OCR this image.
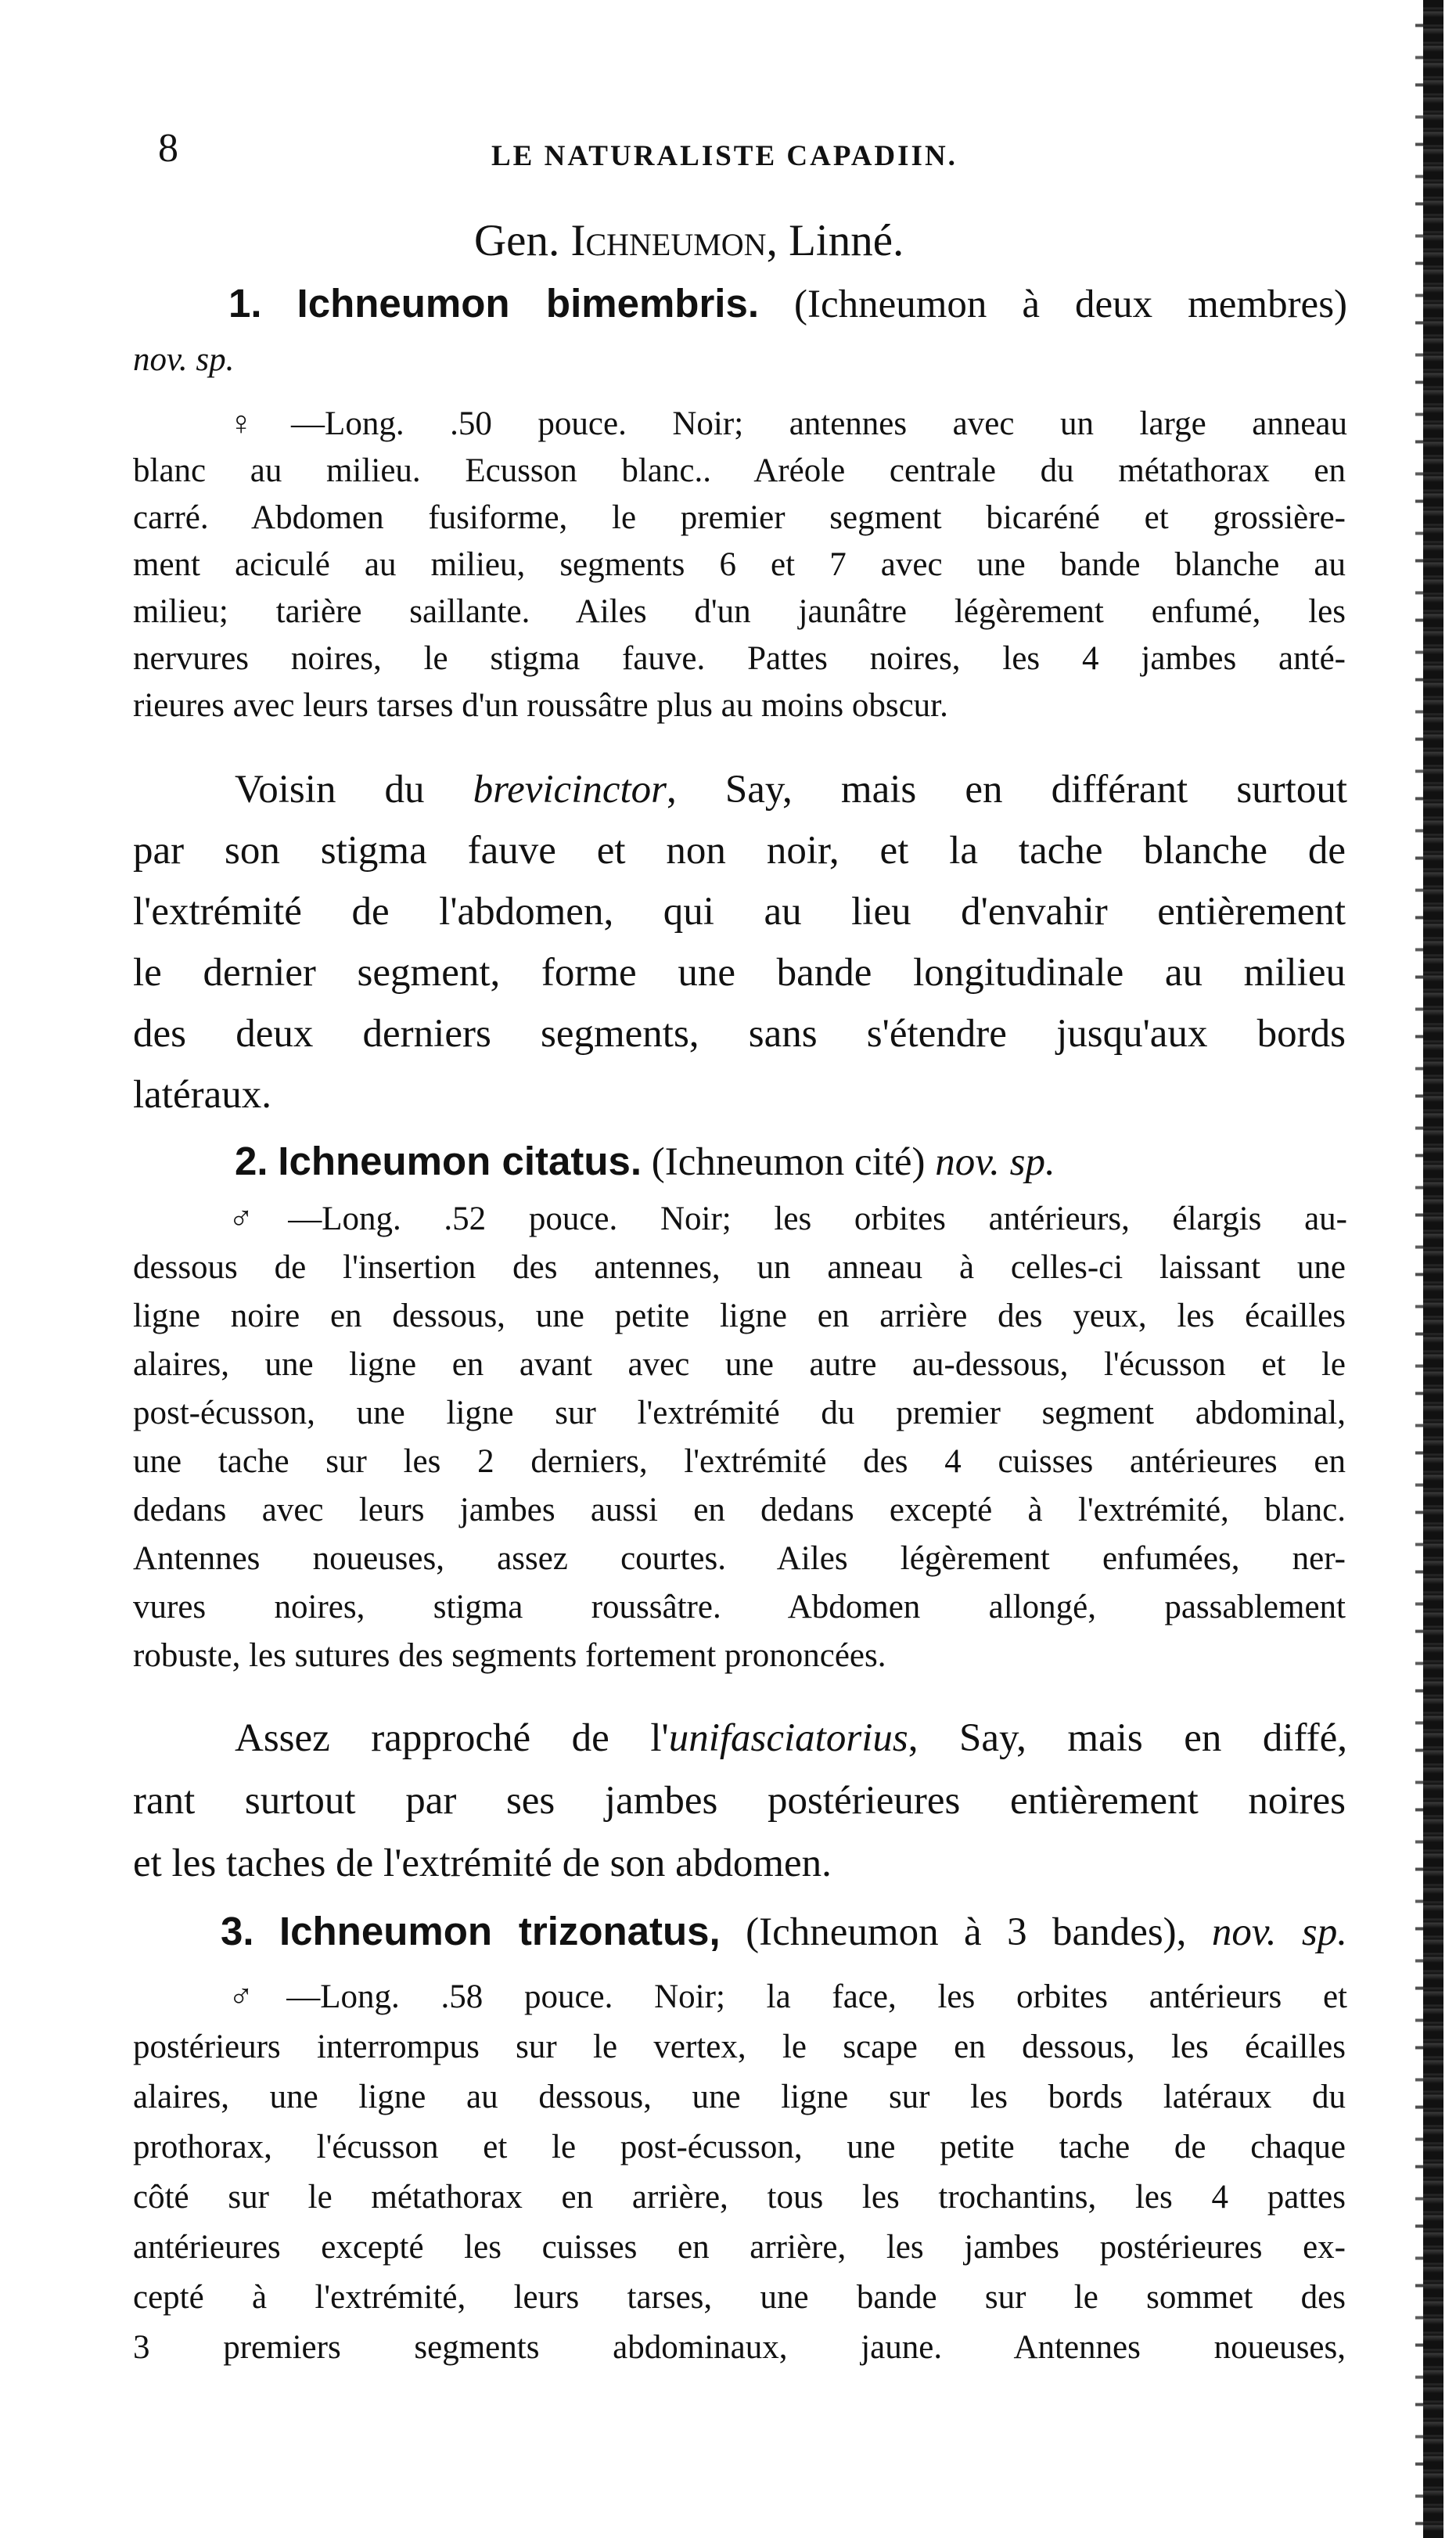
8	LE NATURALISTE CAPADIIN.
Gen. Ichneumon, Linné.
1. Ichneumon bimembris. (Ichneumon à deux membres)
nov. sp.
♀—Long. .50 pouce. Noir; antennes avec un large anneau
blanc au milieu. Ecusson blanc.. Aréole centrale du métathorax en
carré. Abdomen fusiforme, le premier segment bicaréné et grossière-
ment aciculé au milieu, segments 6 et 7 avec une bande blanche au
milieu; tarière saillante. Ailes d'un jaunâtre légèrement enfumé, les
nervures noires, le stigma fauve. Pattes noires, les 4 jambes anté-
rieures avec leurs tarses d'un roussâtre plus au moins obscur.
Voisin du brevicinctor, Say, mais en différant surtout
par son stigma fauve et non noir, et la tache blanche de
l'extrémité de l'abdomen, qui au lieu d'envahir entièrement
le dernier segment, forme une bande longitudinale au milieu
des deux derniers segments, sans s'étendre jusqu'aux bords
latéraux.
2. Ichneumon citatus. (Ichneumon cité) nov. sp.
♂—Long. .52 pouce. Noir; les orbites antérieurs, élargis au-
dessous de l'insertion des antennes, un anneau à celles-ci laissant une
ligne noire en dessous, une petite ligne en arrière des yeux, les écailles
alaires, une ligne en avant avec une autre au-dessous, l'écusson et le
post-écusson, une ligne sur l'extrémité du premier segment abdominal,
une tache sur les 2 derniers, l'extrémité des 4 cuisses antérieures en
dedans avec leurs jambes aussi en dedans excepté à l'extrémité, blanc.
Antennes noueuses, assez courtes. Ailes légèrement enfumées, ner-
vures noires, stigma roussâtre. Abdomen allongé, passablement
robuste, les sutures des segments fortement prononcées.
Assez rapproché de l'unifasciatorius, Say, mais en diffé,
rant surtout par ses jambes postérieures entièrement noires
et les taches de l'extrémité de son abdomen.
3. Ichneumon trizonatus, (Ichneumon à 3 bandes), nov. sp.
♂—Long. .58 pouce. Noir; la face, les orbites antérieurs et
postérieurs interrompus sur le vertex, le scape en dessous, les écailles
alaires, une ligne au dessous, une ligne sur les bords latéraux du
prothorax, l'écusson et le post-écusson, une petite tache de chaque
côté sur le métathorax en arrière, tous les trochantins, les 4 pattes
antérieures excepté les cuisses en arrière, les jambes postérieures ex-
cepté à l'extrémité, leurs tarses, une bande sur le sommet des
3 premiers segments abdominaux, jaune. Antennes noueuses,
